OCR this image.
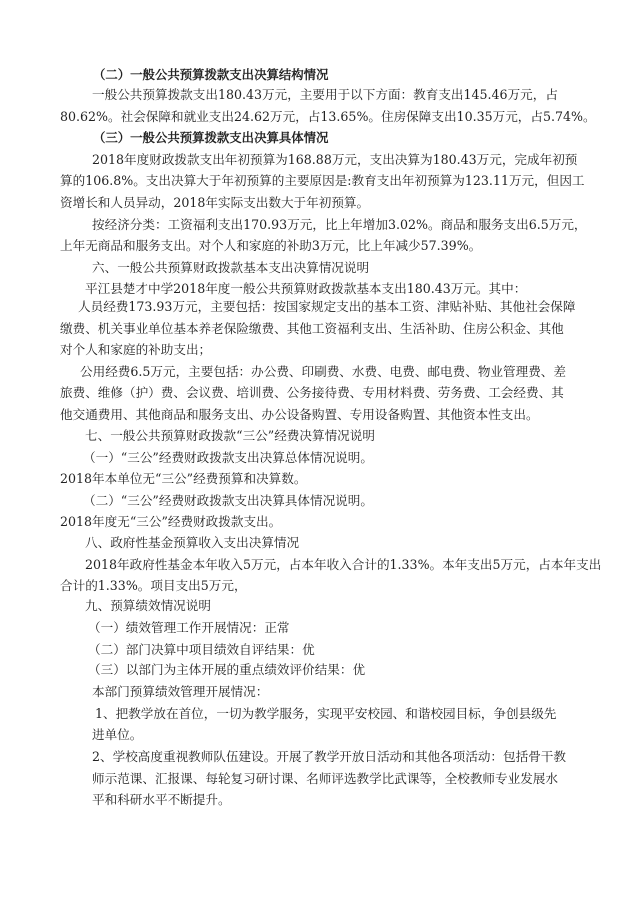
（二）一般公共预算拨款支出决算结构情况
一般公共预算拨款支出180.43万元，主要用于以下方面：教育支出145.46万元，占
80.62%。社会保障和就业支出24.62万元，占13.65%。住房保障支出10.35万元，占5.74%。
（三）一般公共预算拨款支出决算具体情况
2018年度财政拨款支出年初预算为168.88万元，支出决算为180.43万元，完成年初预
算的106.8%。支出决算大于年初预算的主要原因是:教育支出年初预算为123.11万元，但因工
资增长和人员异动，2018年实际支出数大于年初预算。
按经济分类：工资福利支出170.93万元，比上年增加3.02%。商品和服务支出6.5万元，
上年无商品和服务支出。对个人和家庭的补助3万元，比上年减少57.39%。
六、一般公共预算财政拨款基本支出决算情况说明
平江县楚才中学2018年度一般公共预算财政拨款基本支出180.43万元。其中：
人员经费173.93万元，主要包括：按国家规定支出的基本工资、津贴补贴、其他社会保障
缴费、机关事业单位基本养老保险缴费、其他工资福利支出、生活补助、住房公积金、其他
对个人和家庭的补助支出；
公用经费6.5万元，主要包括：办公费、印刷费、水费、电费、邮电费、物业管理费、差
旅费、维修（护）费、会议费、培训费、公务接待费、专用材料费、劳务费、工会经费、其
他交通费用、其他商品和服务支出、办公设备购置、专用设备购置、其他资本性支出。
七、一般公共预算财政拨款“三公”经费决算情况说明
（一）“三公”经费财政拨款支出决算总体情况说明。
2018年本单位无“三公”经费预算和决算数。
（二）“三公”经费财政拨款支出决算具体情况说明。
2018年度无“三公”经费财政拨款支出。
八、政府性基金预算收入支出决算情况
2018年政府性基金本年收入5万元，占本年收入合计的1.33%。本年支出5万元，占本年支出
合计的1.33%。项目支出5万元，
九、预算绩效情况说明
（一）绩效管理工作开展情况：正常
（二）部门决算中项目绩效自评结果：优
（三）以部门为主体开展的重点绩效评价结果：优
本部门预算绩效管理开展情况：
1、把教学放在首位，一切为教学服务，实现平安校园、和谐校园目标，争创县级先
进单位。
2、学校高度重视教师队伍建设。开展了教学开放日活动和其他各项活动：包括骨干教
师示范课、汇报课、每轮复习研讨课、名师评选教学比武课等，全校教师专业发展水
平和科研水平不断提升。
